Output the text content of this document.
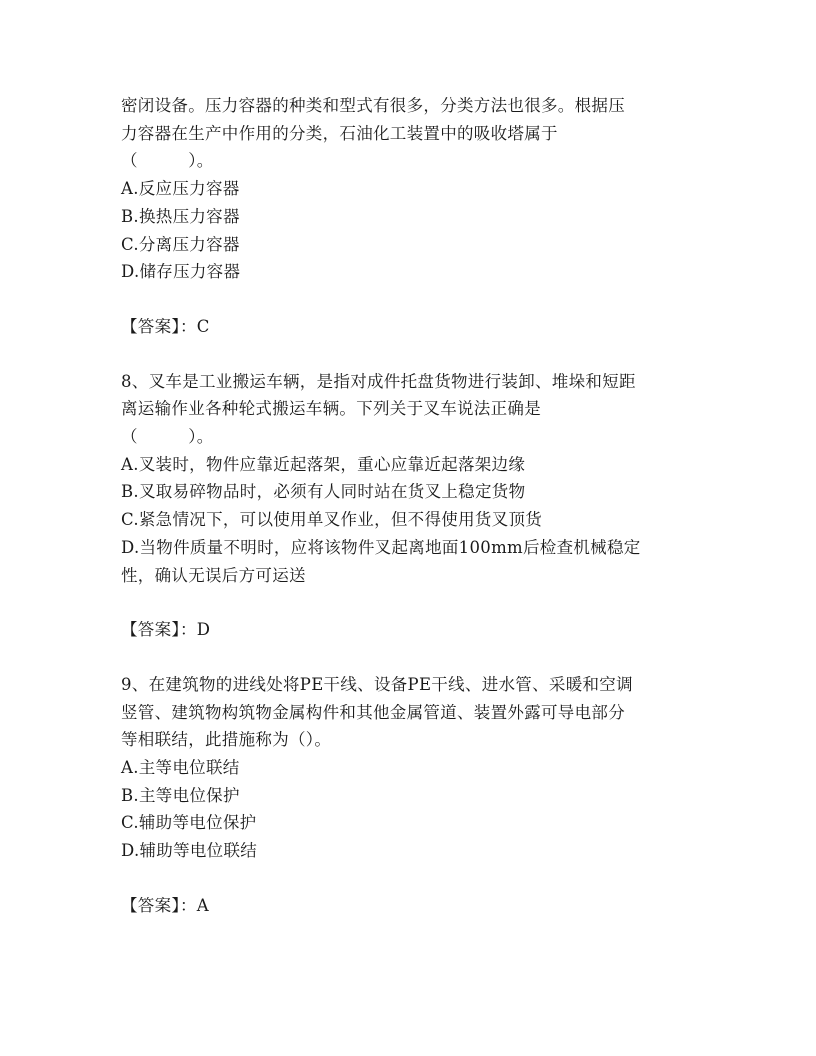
密闭设备。压力容器的种类和型式有很多，分类方法也很多。根据压
力容器在生产中作用的分类，石油化工装置中的吸收塔属于
（　　　）。
A.反应压力容器
B.换热压力容器
C.分离压力容器
D.储存压力容器
【答案】：C
8、叉车是工业搬运车辆，是指对成件托盘货物进行装卸、堆垛和短距
离运输作业各种轮式搬运车辆。下列关于叉车说法正确是
（　　　）。
A.叉装时，物件应靠近起落架，重心应靠近起落架边缘
B.叉取易碎物品时，必须有人同时站在货叉上稳定货物
C.紧急情况下，可以使用单叉作业，但不得使用货叉顶货
D.当物件质量不明时，应将该物件叉起离地面100mm后检查机械稳定
性，确认无误后方可运送
【答案】：D
9、在建筑物的进线处将PE干线、设备PE干线、进水管、采暖和空调
竖管、建筑物构筑物金属构件和其他金属管道、装置外露可导电部分
等相联结，此措施称为（）。
A.主等电位联结
B.主等电位保护
C.辅助等电位保护
D.辅助等电位联结
【答案】：A
